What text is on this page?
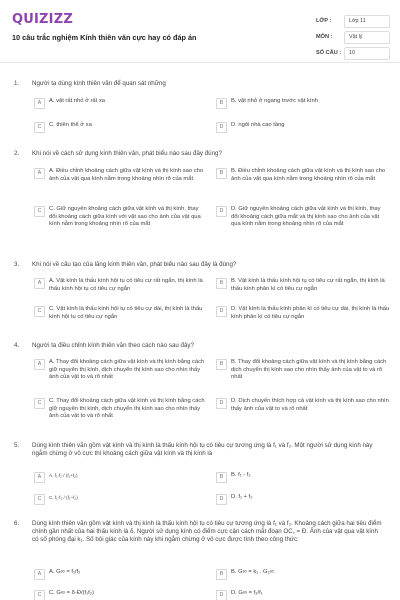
QUIZIZZ
10 câu trắc nghiệm Kính thiên văn cực hay có đáp án
LỚP :	Lớp 11
MÔN :	Vật lý
SỐ CÂU :	10
1. Người ta dùng kính thiên văn để quan sát những
A	A. vật rất nhỏ ở rất xa	B	B. vật nhỏ ở ngang trước vật kính
C	C. thiên thể ở xa	D	D. ngôi nhà cao tầng
2. Khi nói về cách sử dụng kính thiên văn, phát biểu nào sau đây đúng?
A	A. Điều chỉnh khoảng cách giữa vật kính và thị kính sao cho ảnh của vật qua kính nằm trong khoảng nhìn rõ của mắt
B	B. Điều chỉnh khoảng cách giữa vật kính và thị kính sao cho ảnh của vật qua kính nằm trong khoảng nhìn rõ của mắt
C	C. Giữ nguyên khoảng cách giữa vật kính và thị kính, thay đổi khoảng cách giữa kính với vật sao cho ảnh của vật qua kính nằm trong khoảng nhìn rõ của mắt
D	D. Giữ nguyên khoảng cách giữa vật kính và thị kính, thay đổi khoảng cách giữa mắt và thị kính sao cho ảnh của vật qua kính nằm trong khoảng nhìn rõ của mắt
3. Khi nói về cấu tạo của lăng kính thiên văn, phát biểu nào sau đây là đúng?
A	A. Vật kính là thấu kính hội tụ có tiêu cự rất ngắn, thị kính là thấu kính hội tụ có tiêu cự ngắn
B	B. Vật kính là thấu kính hội tụ có tiêu cự rất ngắn, thị kính là thấu kính phân kì có tiêu cự ngắn
C	C. Vật kính là thấu kính hội tụ có tiêu cự dài, thị kính là thấu kính hội tụ có tiêu cự ngắn
D	D. Vật kính là thấu kính phân kì có tiêu cự dài, thị kính là thấu kính phân kì có tiêu cự ngắn
4. Người ta điều chỉnh kính thiên văn theo cách nào sau đây?
A	A. Thay đổi khoảng cách giữa vật kính và thị kính bằng cách giữ nguyên thị kính, dịch chuyển thị kính sao cho nhìn thấy ảnh của vật to và rõ nhất
B	B. Thay đổi khoảng cách giữa vật kính và thị kính bằng cách dịch chuyển thị kính sao cho nhìn thấy ảnh của vật to và rõ nhất
C	C. Thay đổi khoảng cách giữa vật kính và thị kính bằng cách giữ nguyên thị kính, dịch chuyển thị kính sao cho nhìn thấy ảnh của vật to và rõ nhất
D	D. Dịch chuyển thích hợp cả vật kính và thị kính sao cho nhìn thấy ảnh của vật to và rõ nhất
5. Dùng kính thiên văn gồm vật kính và thị kính là thấu kính hội tụ có tiêu cự tương ứng là f₁ và f₂. Một người sử dụng kính này ngắm chừng ở vô cực thì khoảng cách giữa vật kính và thị kính là
A	A. f₁·f₂ / (f₁+f₂)	B	B. f₁ - f₂
C	C. f₁·f₂ / (f₁−f₂)	D	D. f₁ + f₂
6. Dùng kính thiên văn gồm vật kính và thị kính là thấu kính hội tụ có tiêu cự tương ứng là f₁ và f₂. Khoảng cách giữa hai tiêu điểm chính gần nhất của hai thấu kính là δ. Người sử dụng kính có điểm cực cận cách mắt đoạn OC꜀ = Đ. Ảnh của vật qua vật kính có số phóng đại k₁. Số bội giác của kính này khi ngắm chừng ở vô cực được tính theo công thức:
A	A. G∞ = f₁/f₂	B	B. G∞ = k₁ . G₂∞
C	C. G∞ = δ·Đ/(f₁f₂)	D	D. G∞ = f₂/f₁
